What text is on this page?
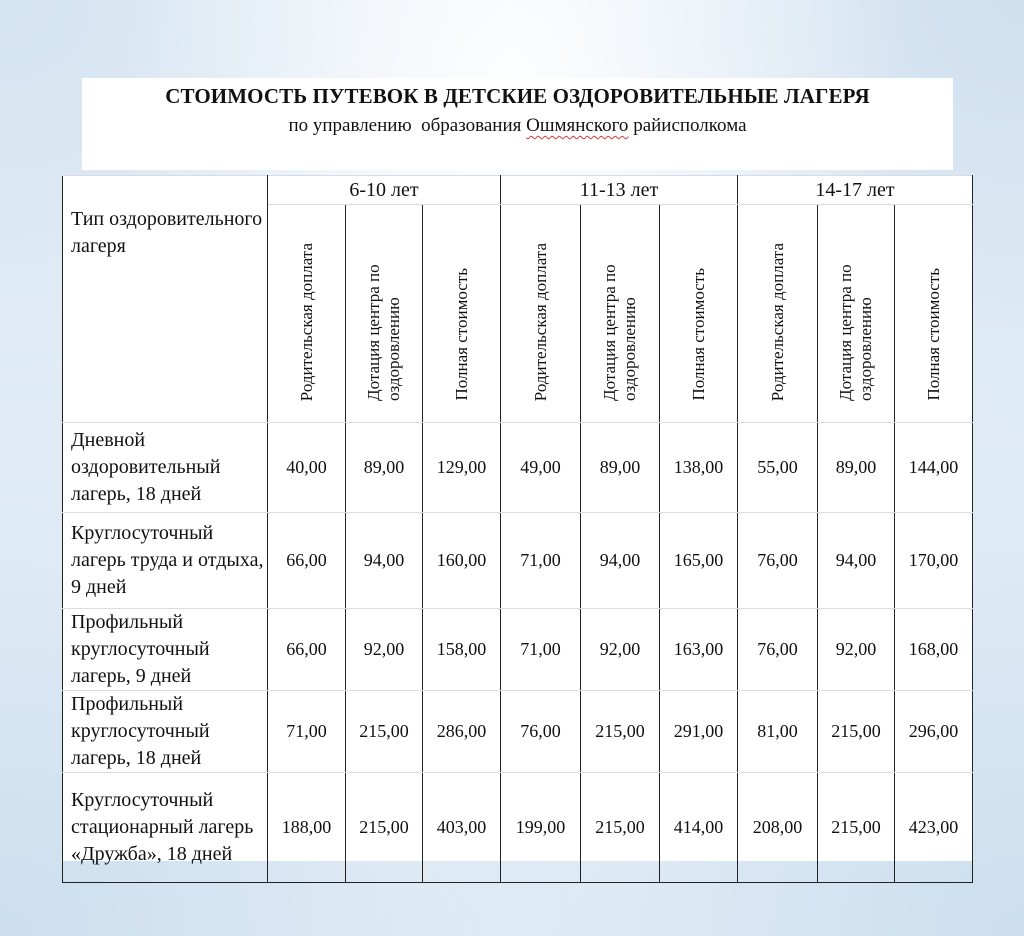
СТОИМОСТЬ ПУТЕВОК В ДЕТСКИЕ ОЗДОРОВИТЕЛЬНЫЕ ЛАГЕРЯ
по управлению  образования Ошмянского райисполкома
Тип оздоровительного лагеря	6-10 лет			11-13 лет			14-17 лет		
	Родительская доплата	Дотация центра по оздоровлению	Полная стоимость	Родительская доплата	Дотация центра по оздоровлению	Полная стоимость	Родительская доплата	Дотация центра по оздоровлению	Полная стоимость
Дневной оздоровительный лагерь, 18 дней	40,00	89,00	129,00	49,00	89,00	138,00	55,00	89,00	144,00
Круглосуточный лагерь труда и отдыха, 9 дней	66,00	94,00	160,00	71,00	94,00	165,00	76,00	94,00	170,00
Профильный круглосуточный лагерь, 9 дней	66,00	92,00	158,00	71,00	92,00	163,00	76,00	92,00	168,00
Профильный круглосуточный лагерь, 18 дней	71,00	215,00	286,00	76,00	215,00	291,00	81,00	215,00	296,00
Круглосуточный стационарный лагерь «Дружба», 18 дней	188,00	215,00	403,00	199,00	215,00	414,00	208,00	215,00	423,00
